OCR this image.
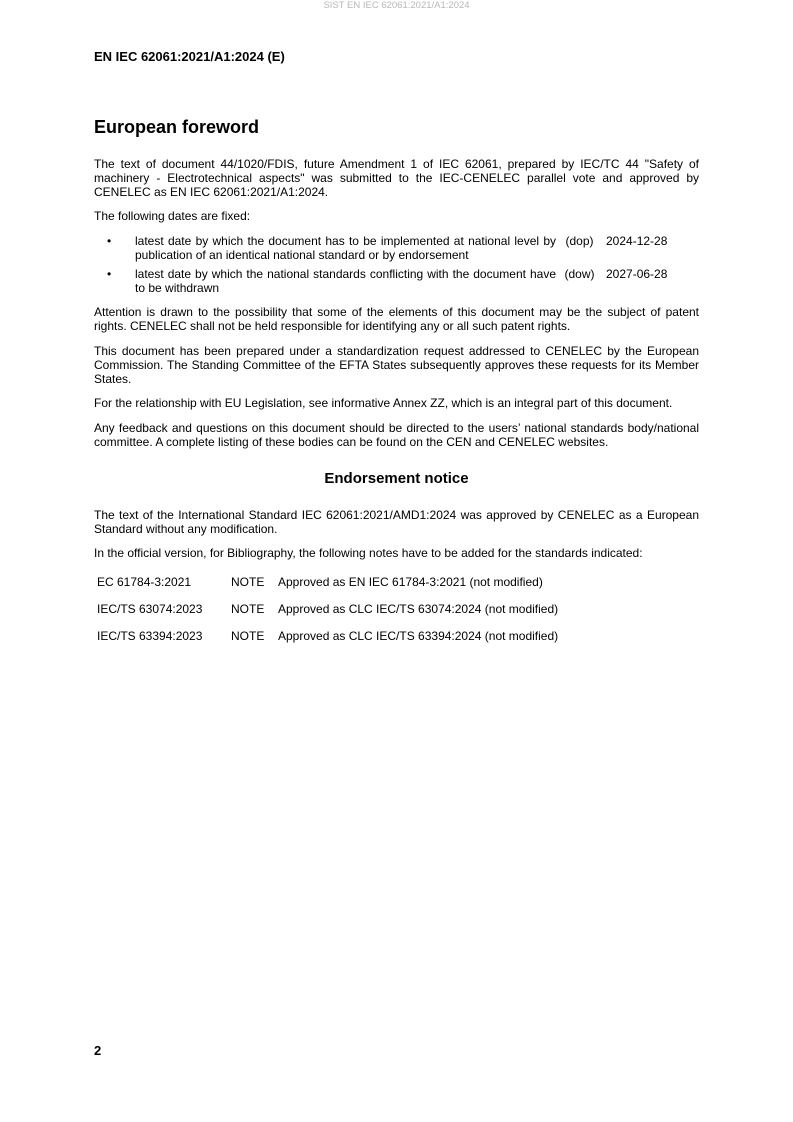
SIST EN IEC 62061:2021/A1:2024
EN IEC 62061:2021/A1:2024 (E)
European foreword

The text of document 44/1020/FDIS, future Amendment 1 of IEC 62061, prepared by IEC/TC 44 "Safety of machinery - Electrotechnical aspects" was submitted to the IEC-CENELEC parallel vote and approved by CENELEC as EN IEC 62061:2021/A1:2024.

The following dates are fixed:

•	latest date by which the document has to be implemented at national level by publication of an identical national standard or by endorsement
(dop)	2024-12-28
•	latest date by which the national standards conflicting with the document have to be withdrawn
(dow) 2027-06-28

Attention is drawn to the possibility that some of the elements of this document may be the subject of patent rights. CENELEC shall not be held responsible for identifying any or all such patent rights.

This document has been prepared under a standardization request addressed to CENELEC by the European Commission. The Standing Committee of the EFTA States subsequently approves these requests for its Member States.

For the relationship with EU Legislation, see informative Annex ZZ, which is an integral part of this document.

Any feedback and questions on this document should be directed to the users’ national standards body/national committee. A complete listing of these bodies can be found on the CEN and CENELEC websites.

Endorsement notice

The text of the International Standard IEC 62061:2021/AMD1:2024 was approved by CENELEC as a European Standard without any modification.

In the official version, for Bibliography, the following notes have to be added for the standards indicated:

EC 61784-3:2021	NOTE	Approved as EN IEC 61784-3:2021 (not modified)
IEC/TS 63074:2023	NOTE	Approved as CLC IEC/TS 63074:2024 (not modified)
IEC/TS 63394:2023	NOTE	Approved as CLC IEC/TS 63394:2024 (not modified)
2
